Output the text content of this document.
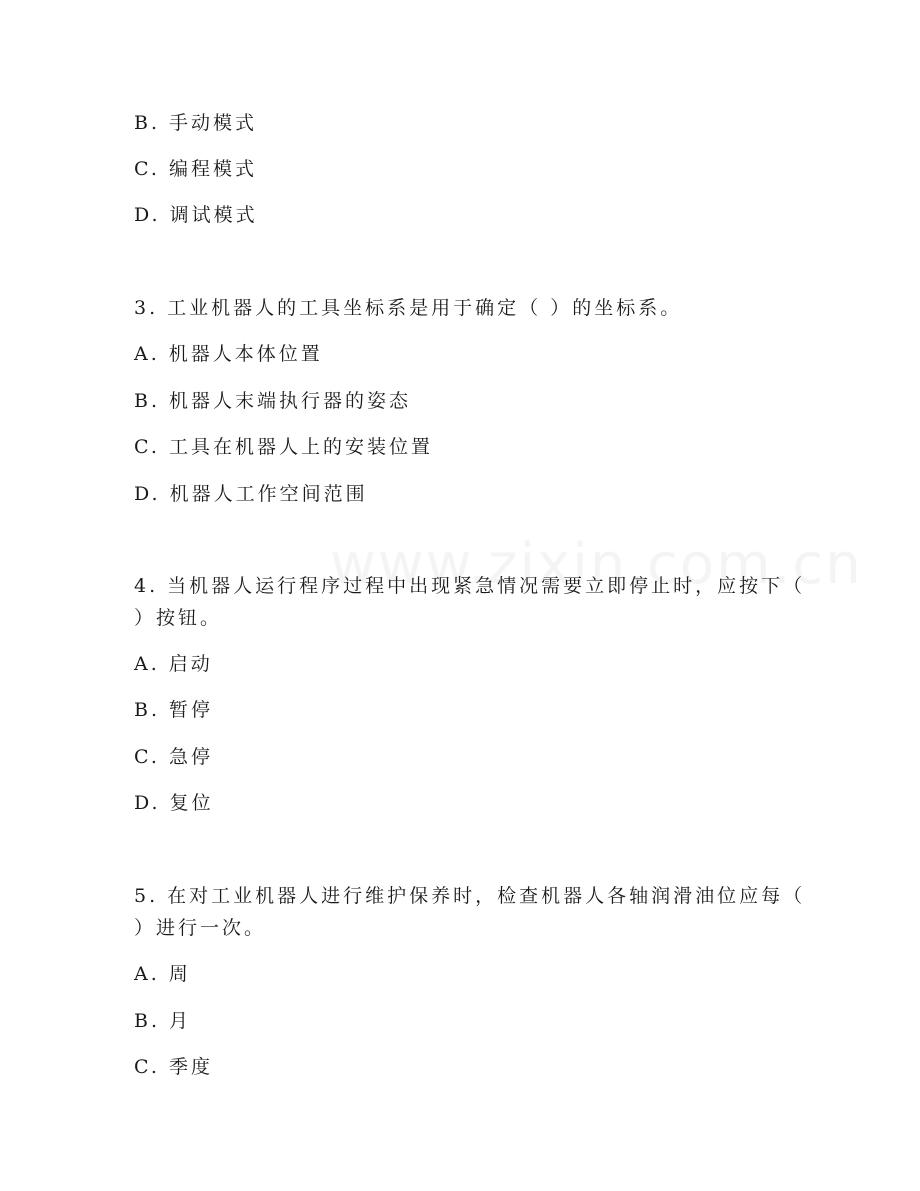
B. 手动模式
C. 编程模式
D. 调试模式
3. 工业机器人的工具坐标系是用于确定（ ）的坐标系。
A. 机器人本体位置
B. 机器人末端执行器的姿态
C. 工具在机器人上的安装位置
D. 机器人工作空间范围
4. 当机器人运行程序过程中出现紧急情况需要立即停止时，应按下（
）按钮。
A. 启动
B. 暂停
C. 急停
D. 复位
5. 在对工业机器人进行维护保养时，检查机器人各轴润滑油位应每（
）进行一次。
A. 周
B. 月
C. 季度
